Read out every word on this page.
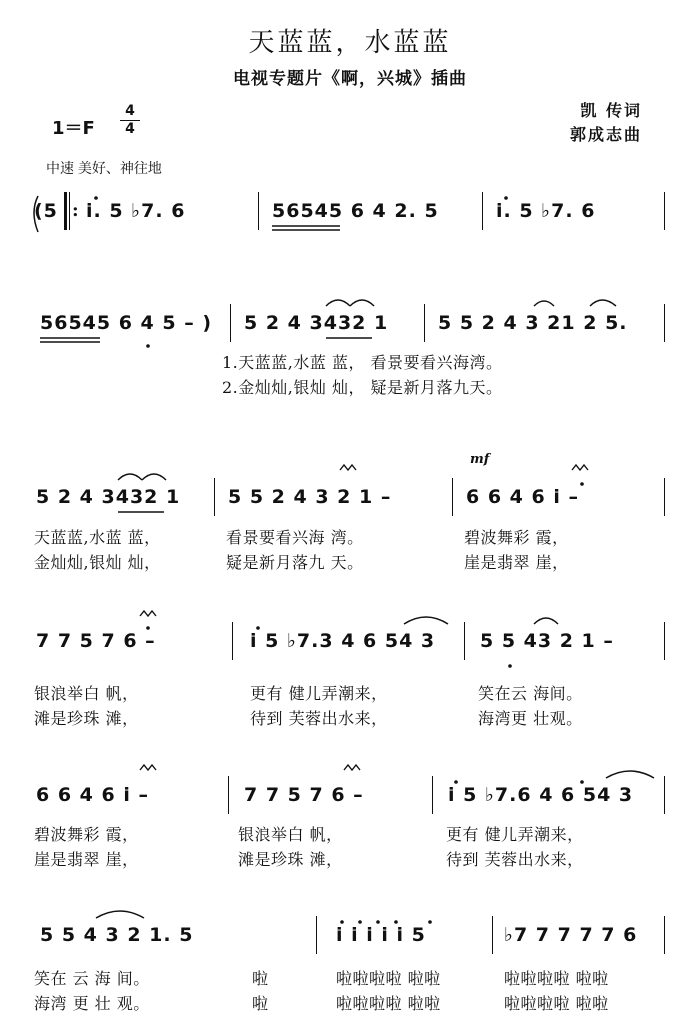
天蓝蓝，水蓝蓝
电视专题片《啊，兴城》插曲
凯 传词
郭成志曲
1＝F
4
4
中速 美好、神往地
(5 : i. 5 ♭7. 6	56545 6 4 2. 5	i. 5 ♭7. 6
56545 6 4 5 – ) 5 2 4 3432 1	5 5 2 4 3 21 2 5.
1.天蓝蓝,水蓝 蓝， 看景要看兴海湾。
2.金灿灿,银灿 灿， 疑是新月落九天。
mf
5 2 4 3432 1	5 5 2 4 3 2 1 –	6 6 4 6 i –
天蓝蓝,水蓝 蓝，	看景要看兴海 湾。	碧波舞彩 霞，
金灿灿,银灿 灿，	疑是新月落九 天。	崖是翡翠 崖，
7 7 5 7 6 –	i 5 ♭7.3 4 6 54 3 5 5 43 2 1 –
银浪举白 帆，	更有 健儿弄潮来，	笑在云 海间。
滩是珍珠 滩，	待到 芙蓉出水来，	海湾更 壮观。
6 6 4 6 i –	7 7 5 7 6 –	i 5 ♭7.6 4 6 54 3
碧波舞彩 霞，	银浪举白 帆，	更有 健儿弄潮来，
崖是翡翠 崖，	滩是珍珠 滩，	待到 芙蓉出水来，
5 5 4 3 2 1. 5	i i i i i 5	♭7 7 7 7 7 6
笑在 云 海 间。	啦	啦啦啦啦 啦啦	啦啦啦啦 啦啦
海湾 更 壮 观。	啦	啦啦啦啦 啦啦	啦啦啦啦 啦啦
